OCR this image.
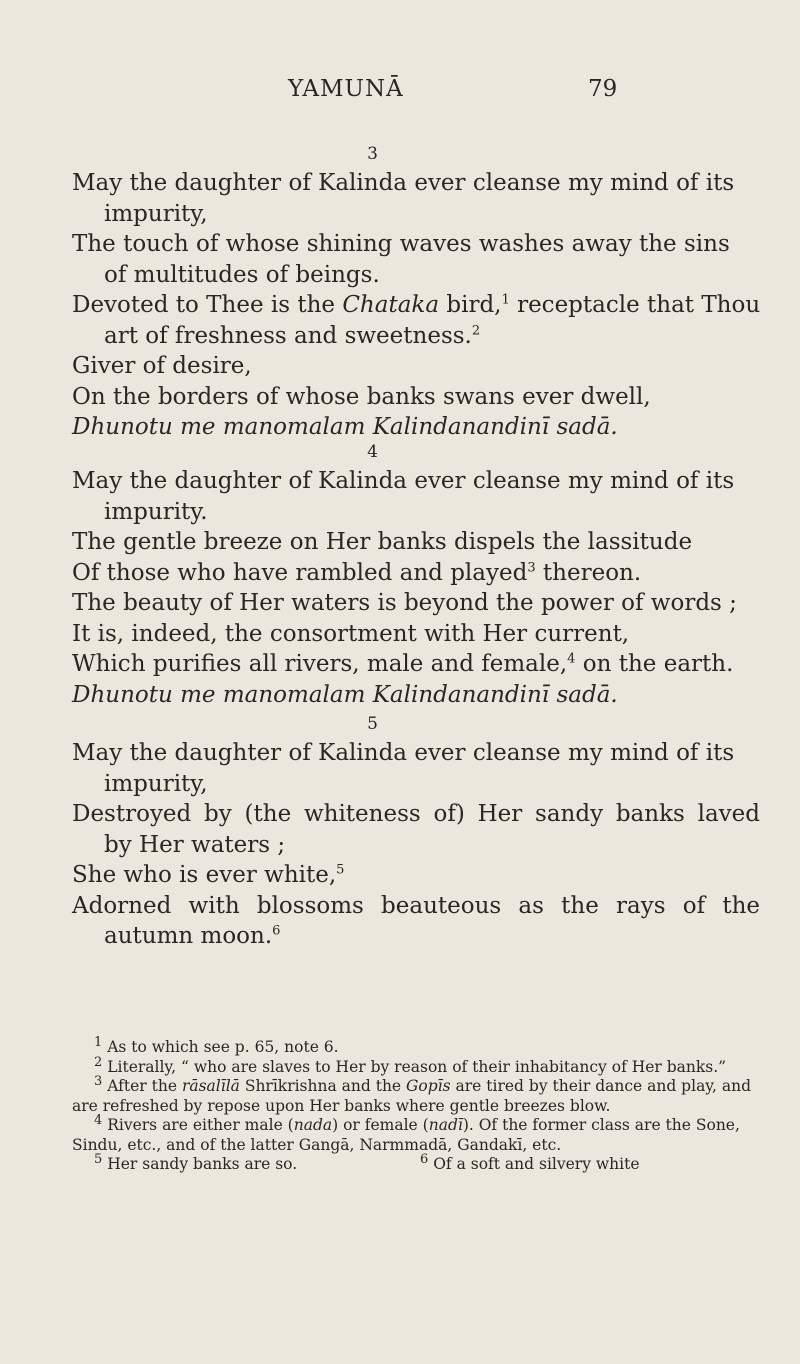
YAMUNĀ	79
3
May the daughter of Kalinda ever cleanse my mind of its
impurity,
The touch of whose shining waves washes away the sins
of multitudes of beings.
Devoted to Thee is the Chataka bird,$^1$ receptacle that Thou
art of freshness and sweetness.$^2$
Giver of desire,
On the borders of whose banks swans ever dwell,
Dhunotu me manomalam Kalindanandinī sadā.
4
May the daughter of Kalinda ever cleanse my mind of its
impurity.
The gentle breeze on Her banks dispels the lassitude
Of those who have rambled and played$^3$ thereon.
The beauty of Her waters is beyond the power of words ;
It is, indeed, the consortment with Her current,
Which purifies all rivers, male and female,$^4$ on the earth.
Dhunotu me manomalam Kalindanandinī sadā.
5
May the daughter of Kalinda ever cleanse my mind of its
impurity,
Destroyed by (the whiteness of) Her sandy banks laved
by Her waters ;
She who is ever white,$^5$
Adorned with blossoms beauteous as the rays of the
autumn moon.$^6$
$^1$ As to which see p. 65, note 6.
$^2$ Literally, “ who are slaves to Her by reason of their inhabitancy of Her banks.”
$^3$ After the rāsalīlā Shrīkrishna and the Gopīs are tired by their dance and play, and are refreshed by repose upon Her banks where gentle breezes blow.
$^4$ Rivers are either male (nada) or female (nadī). Of the former class are the Sone, Sindu, etc., and of the latter Gangā, Narmmadā, Gandakī, etc.
$^5$ Her sandy banks are so.	$^6$ Of a soft and silvery white
